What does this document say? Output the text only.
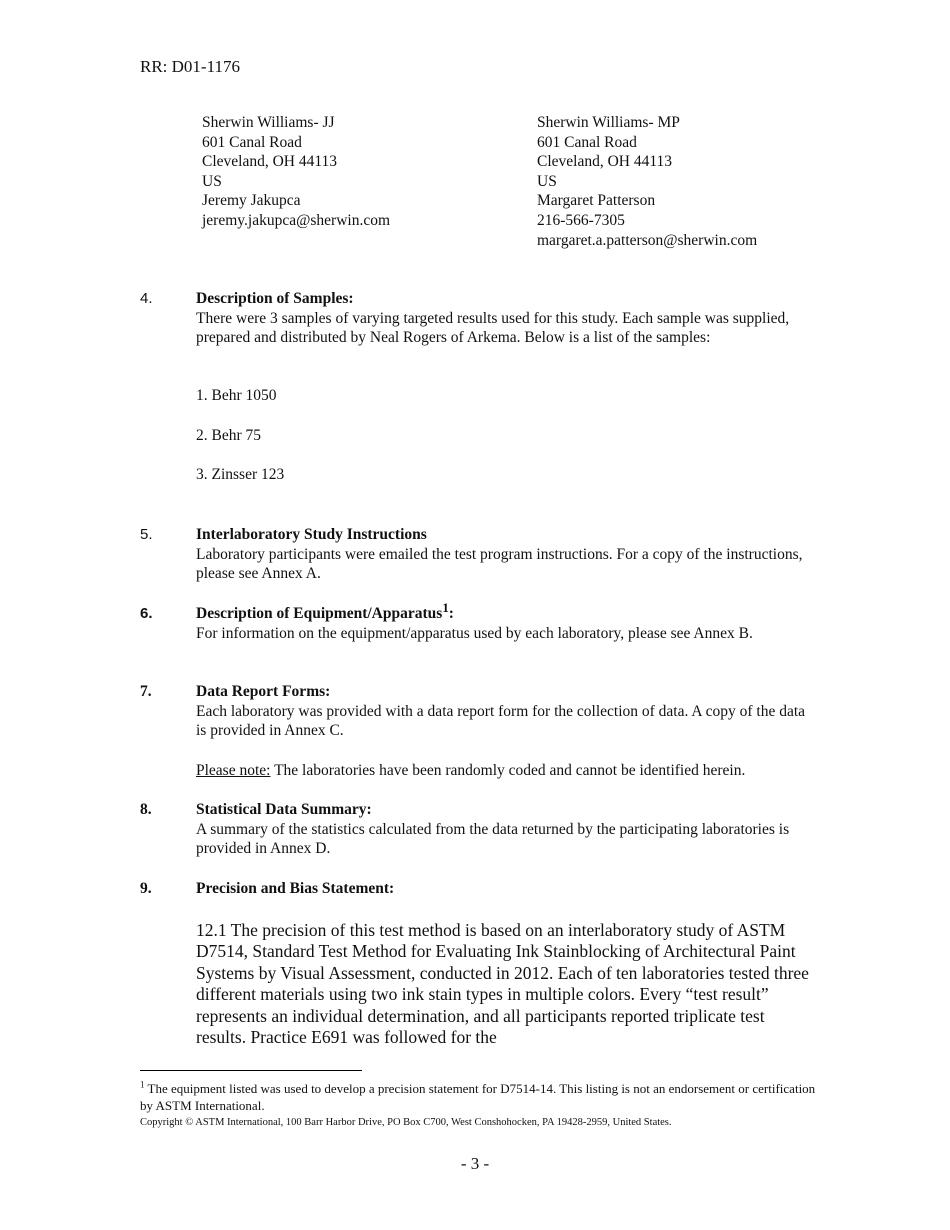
RR: D01-1176
Sherwin Williams- JJ
601 Canal Road
Cleveland, OH 44113
US
Jeremy Jakupca
jeremy.jakupca@sherwin.com
Sherwin Williams- MP
601 Canal Road
Cleveland, OH 44113
US
Margaret Patterson
216-566-7305
margaret.a.patterson@sherwin.com
4.	Description of Samples:
There were 3 samples of varying targeted results used for this study. Each sample was supplied, prepared and distributed by Neal Rogers of Arkema. Below is a list of the samples:
1. Behr 1050
2. Behr 75
3. Zinsser 123
5.	Interlaboratory Study Instructions
Laboratory participants were emailed the test program instructions. For a copy of the instructions, please see Annex A.
6.	Description of Equipment/Apparatus$^1$:
For information on the equipment/apparatus used by each laboratory, please see Annex B.
7.	Data Report Forms:
Each laboratory was provided with a data report form for the collection of data. A copy of the data is provided in Annex C.
Please note: The laboratories have been randomly coded and cannot be identified herein.
8.	Statistical Data Summary:
A summary of the statistics calculated from the data returned by the participating laboratories is provided in Annex D.
9.	Precision and Bias Statement:
12.1 The precision of this test method is based on an interlaboratory study of ASTM D7514, Standard Test Method for Evaluating Ink Stainblocking of Architectural Paint Systems by Visual Assessment, conducted in 2012. Each of ten laboratories tested three different materials using two ink stain types in multiple colors. Every “test result” represents an individual determination, and all participants reported triplicate test results. Practice E691 was followed for the
$^1$ The equipment listed was used to develop a precision statement for D7514-14. This listing is not an endorsement or certification by ASTM International.
Copyright © ASTM International, 100 Barr Harbor Drive, PO Box C700, West Conshohocken, PA 19428-2959, United States.
- 3 -
